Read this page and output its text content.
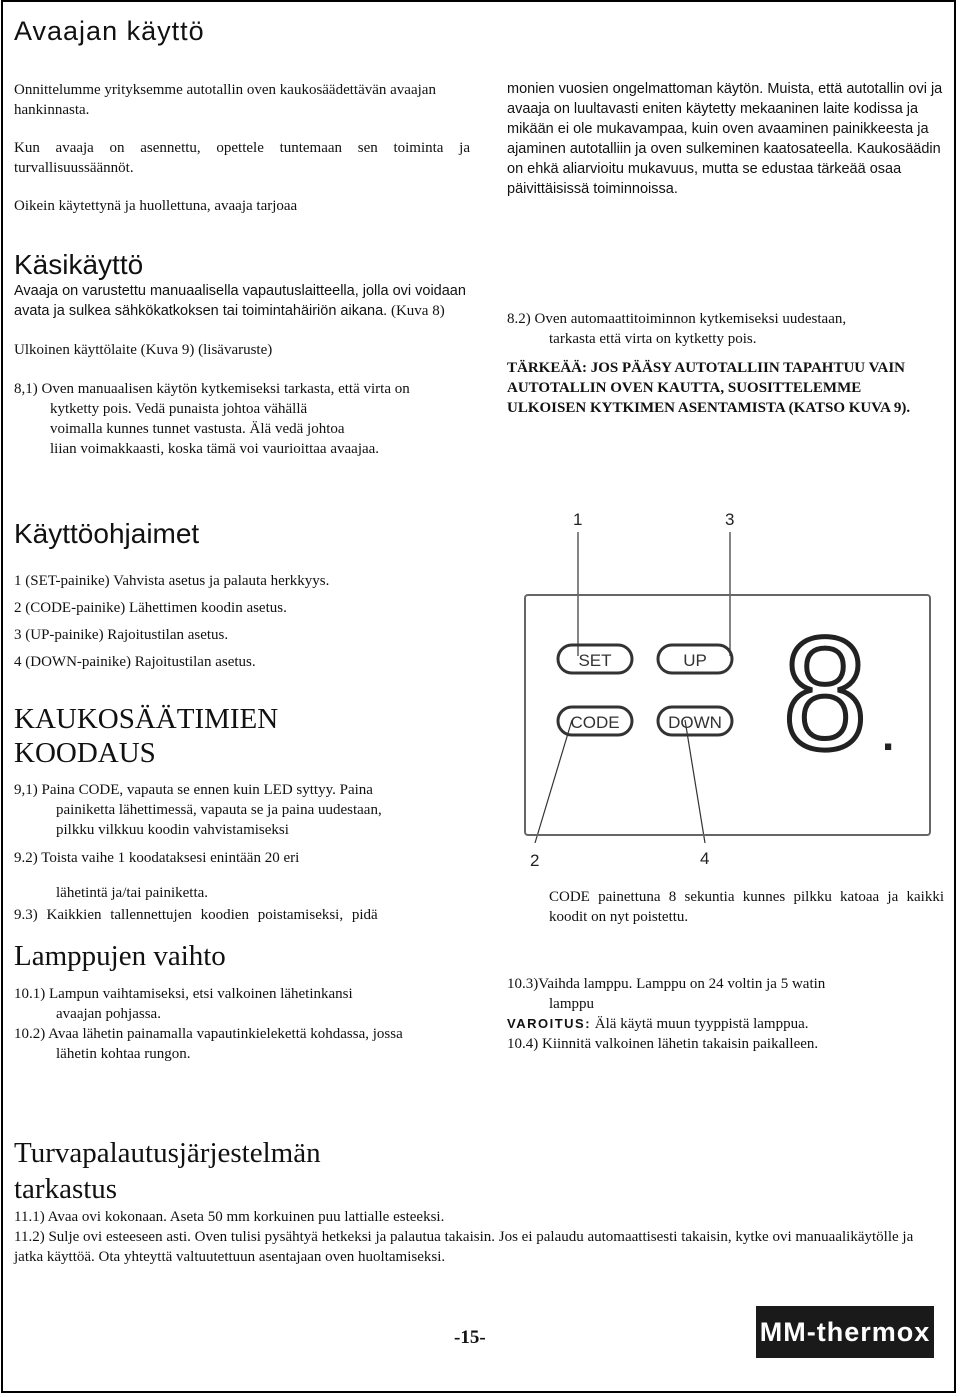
Avaajan käyttö
Onnittelumme yrityksemme autotallin oven kaukosäädettävän avaajan hankinnasta.
Kun avaaja on asennettu, opettele tuntemaan sen toiminta ja turvallisuussäännöt.
Oikein käytettynä ja huollettuna, avaaja tarjoaa
monien vuosien ongelmattoman käytön. Muista, että autotallin ovi ja avaaja on luultavasti eniten käytetty mekaaninen laite kodissa ja mikään ei ole mukavampaa, kuin oven avaaminen painikkeesta ja ajaminen autotalliin ja oven sulkeminen kaatosateella. Kaukosäädin on ehkä aliarvioitu mukavuus, mutta se edustaa tärkeää osaa päivittäisissä toiminnoissa.
Käsikäyttö
Avaaja on varustettu manuaalisella vapautuslaitteella, jolla ovi voidaan avata ja sulkea sähkökatkoksen tai toimintahäiriön aikana. (Kuva 8)
Ulkoinen käyttölaite (Kuva 9) (lisävaruste)
8,1) Oven manuaalisen käytön kytkemiseksi tarkasta, että virta on
kytketty pois. Vedä punaista johtoa vähällä
voimalla kunnes tunnet vastusta. Älä vedä johtoa
liian voimakkaasti, koska tämä voi vaurioittaa avaajaa.
8.2) Oven automaattitoiminnon kytkemiseksi uudestaan,
tarkasta että virta on kytketty pois.
TÄRKEÄÄ: JOS PÄÄSY AUTOTALLIIN TAPAHTUU VAIN AUTOTALLIN OVEN KAUTTA, SUOSITTELEMME ULKOISEN KYTKIMEN ASENTAMISTA (KATSO KUVA 9).
Käyttöohjaimet
1 (SET-painike) Vahvista asetus ja palauta herkkyys.
2 (CODE-painike) Lähettimen koodin asetus.
3 (UP-painike) Rajoitustilan asetus.
4 (DOWN-painike) Rajoitustilan asetus.
1	3
2	4
SET	UP
CODE	DOWN 8 .
KAUKOSÄÄTIMIEN
KOODAUS
9,1) Paina CODE, vapauta se ennen kuin LED syttyy. Paina
painiketta lähettimessä, vapauta se ja paina uudestaan,
pilkku vilkkuu koodin vahvistamiseksi
9.2) Toista vaihe 1 koodataksesi enintään 20 eri
lähetintä ja/tai painiketta.
9.3) Kaikkien tallennettujen koodien poistamiseksi, pidä
CODE painettuna 8 sekuntia kunnes pilkku katoaa ja kaikki koodit on nyt poistettu.
Lamppujen vaihto
10.1) Lampun vaihtamiseksi, etsi valkoinen lähetinkansi
avaajan pohjassa.
10.2) Avaa lähetin painamalla vapautinkielekettä kohdassa, jossa
lähetin kohtaa rungon.
10.3)Vaihda lamppu. Lamppu on 24 voltin ja 5 watin
lamppu
VAROITUS: Älä käytä muun tyyppistä lamppua.
10.4) Kiinnitä valkoinen lähetin takaisin paikalleen.
Turvapalautusjärjestelmän
tarkastus
11.1) Avaa ovi kokonaan. Aseta 50 mm korkuinen puu lattialle esteeksi.
11.2) Sulje ovi esteeseen asti. Oven tulisi pysähtyä hetkeksi ja palautua takaisin. Jos ei palaudu automaattisesti takaisin, kytke ovi manuaalikäytölle ja jatka käyttöä. Ota yhteyttä valtuutettuun asentajaan oven huoltamiseksi.
-15-	MM-thermox
